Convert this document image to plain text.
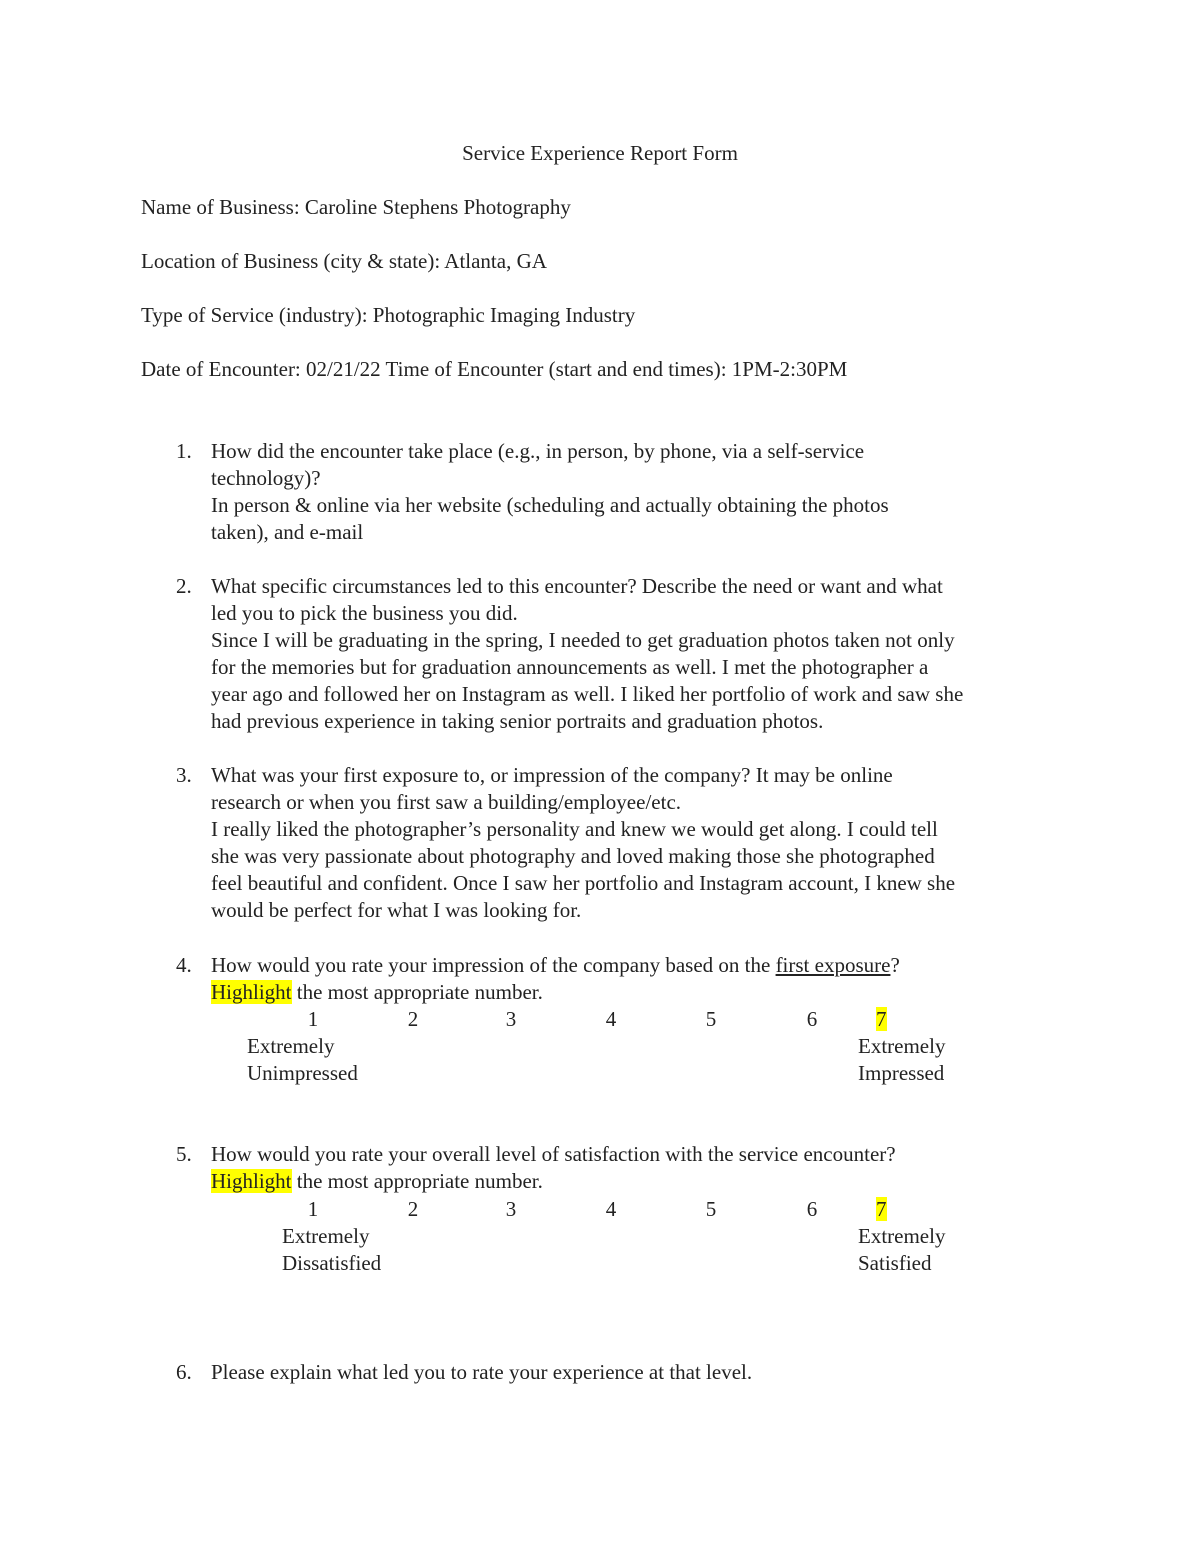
Service Experience Report Form
Name of Business: Caroline Stephens Photography
Location of Business (city & state): Atlanta, GA
Type of Service (industry): Photographic Imaging Industry
Date of Encounter: 02/21/22 Time of Encounter (start and end times): 1PM-2:30PM
1. How did the encounter take place (e.g., in person, by phone, via a self-service
technology)?
In person & online via her website (scheduling and actually obtaining the photos
taken), and e-mail
2. What specific circumstances led to this encounter? Describe the need or want and what
led you to pick the business you did.
Since I will be graduating in the spring, I needed to get graduation photos taken not only
for the memories but for graduation announcements as well. I met the photographer a
year ago and followed her on Instagram as well. I liked her portfolio of work and saw she
had previous experience in taking senior portraits and graduation photos.
3. What was your first exposure to, or impression of the company? It may be online
research or when you first saw a building/employee/etc.
I really liked the photographer’s personality and knew we would get along. I could tell
she was very passionate about photography and loved making those she photographed
feel beautiful and confident. Once I saw her portfolio and Instagram account, I knew she
would be perfect for what I was looking for.
4. How would you rate your impression of the company based on the first exposure?
Highlight the most appropriate number.
1	2	3	4	5	6	7
Extremely
Unimpressed
Extremely
Impressed
5. How would you rate your overall level of satisfaction with the service encounter?
Highlight the most appropriate number.
1	2	3	4	5	6	7
Extremely
Dissatisfied
Extremely
Satisfied
6. Please explain what led you to rate your experience at that level.
